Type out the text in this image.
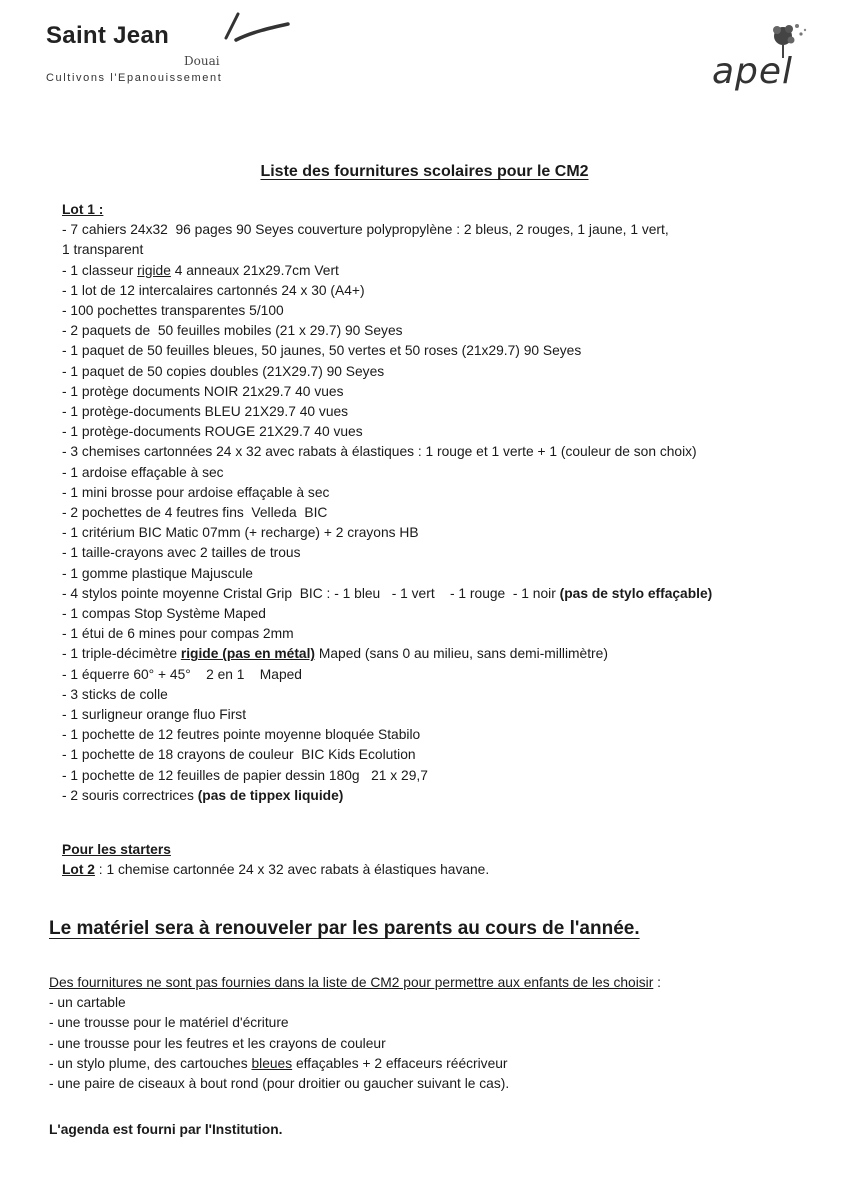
Saint Jean
Douai
Cultivons l'Epanouissement	apel
Liste des fournitures scolaires pour le CM2
Lot 1 :
- 7 cahiers 24x32  96 pages 90 Seyes couverture polypropylène : 2 bleus, 2 rouges, 1 jaune, 1 vert,
1 transparent
- 1 classeur rigide 4 anneaux 21x29.7cm Vert
- 1 lot de 12 intercalaires cartonnés 24 x 30 (A4+)
- 100 pochettes transparentes 5/100
- 2 paquets de  50 feuilles mobiles (21 x 29.7) 90 Seyes
- 1 paquet de 50 feuilles bleues, 50 jaunes, 50 vertes et 50 roses (21x29.7) 90 Seyes
- 1 paquet de 50 copies doubles (21X29.7) 90 Seyes
- 1 protège documents NOIR 21x29.7 40 vues
- 1 protège-documents BLEU 21X29.7 40 vues
- 1 protège-documents ROUGE 21X29.7 40 vues
- 3 chemises cartonnées 24 x 32 avec rabats à élastiques : 1 rouge et 1 verte + 1 (couleur de son choix)
- 1 ardoise effaçable à sec
- 1 mini brosse pour ardoise effaçable à sec
- 2 pochettes de 4 feutres fins  Velleda  BIC
- 1 critérium BIC Matic 07mm (+ recharge) + 2 crayons HB
- 1 taille-crayons avec 2 tailles de trous
- 1 gomme plastique Majuscule
- 4 stylos pointe moyenne Cristal Grip  BIC : - 1 bleu   - 1 vert    - 1 rouge  - 1 noir (pas de stylo effaçable)
- 1 compas Stop Système Maped
- 1 étui de 6 mines pour compas 2mm
- 1 triple-décimètre rigide (pas en métal) Maped (sans 0 au milieu, sans demi-millimètre)
- 1 équerre 60° + 45°    2 en 1    Maped
- 3 sticks de colle
- 1 surligneur orange fluo First
- 1 pochette de 12 feutres pointe moyenne bloquée Stabilo
- 1 pochette de 18 crayons de couleur  BIC Kids Ecolution
- 1 pochette de 12 feuilles de papier dessin 180g   21 x 29,7
- 2 souris correctrices (pas de tippex liquide)
Pour les starters
Lot 2 : 1 chemise cartonnée 24 x 32 avec rabats à élastiques havane.
Le matériel sera à renouveler par les parents au cours de l'année.
Des fournitures ne sont pas fournies dans la liste de CM2 pour permettre aux enfants de les choisir :
- un cartable
- une trousse pour le matériel d'écriture
- une trousse pour les feutres et les crayons de couleur
- un stylo plume, des cartouches bleues effaçables + 2 effaceurs réécriveur
- une paire de ciseaux à bout rond (pour droitier ou gaucher suivant le cas).
L'agenda est fourni par l'Institution.
